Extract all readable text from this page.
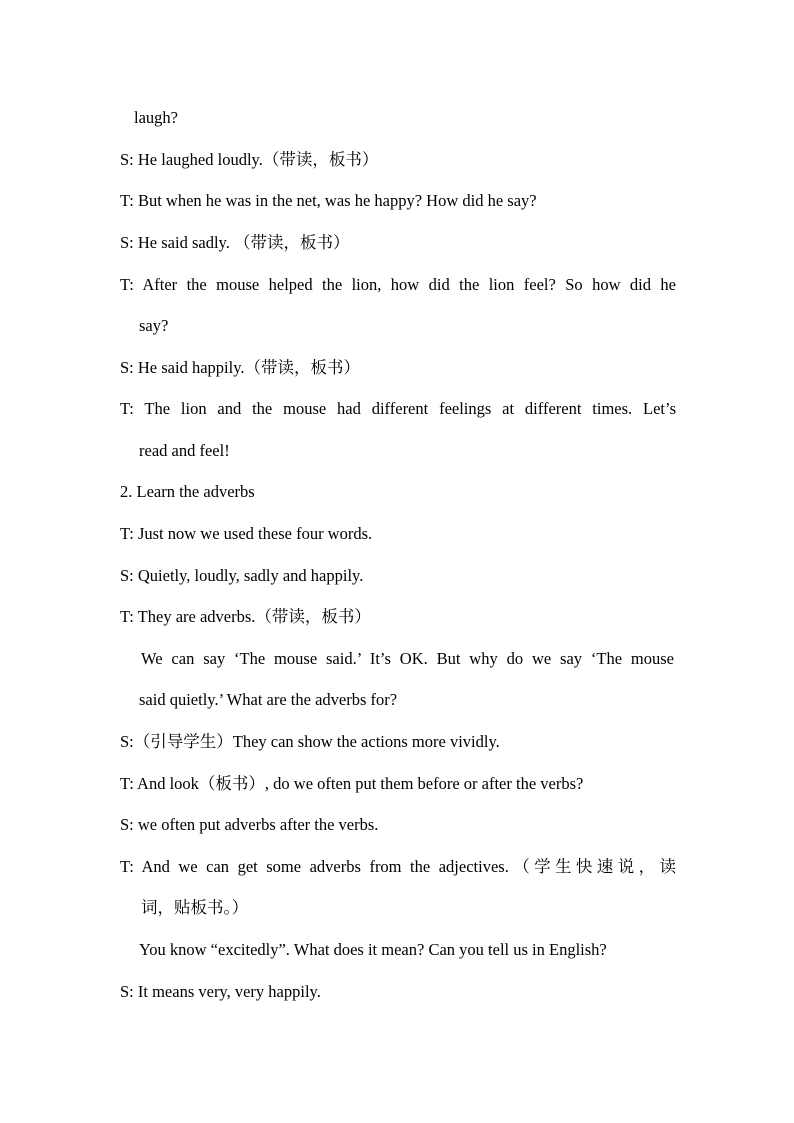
laugh?
S: He laughed loudly.（带读，板书）
T: But when he was in the net, was he happy? How did he say?
S: He said sadly. （带读，板书）
T: After the mouse helped the lion, how did the lion feel? So how did he
say?
S: He said happily.（带读，板书）
T: The lion and the mouse had different feelings at different times. Let’s
read and feel!
2. Learn the adverbs
T: Just now we used these four words.
S: Quietly, loudly, sadly and happily.
T: They are adverbs.（带读，板书）
We can say ‘The mouse said.’ It’s OK. But why do we say ‘The mouse
said quietly.’ What are the adverbs for?
S:（引导学生）They can show the actions more vividly.
T: And look（板书）, do we often put them before or after the verbs?
S: we often put adverbs after the verbs.
T: And we can get some adverbs from the adjectives.（学生快速说，读
词，贴板书。）
You know “excitedly”. What does it mean? Can you tell us in English?
S: It means very, very happily.
